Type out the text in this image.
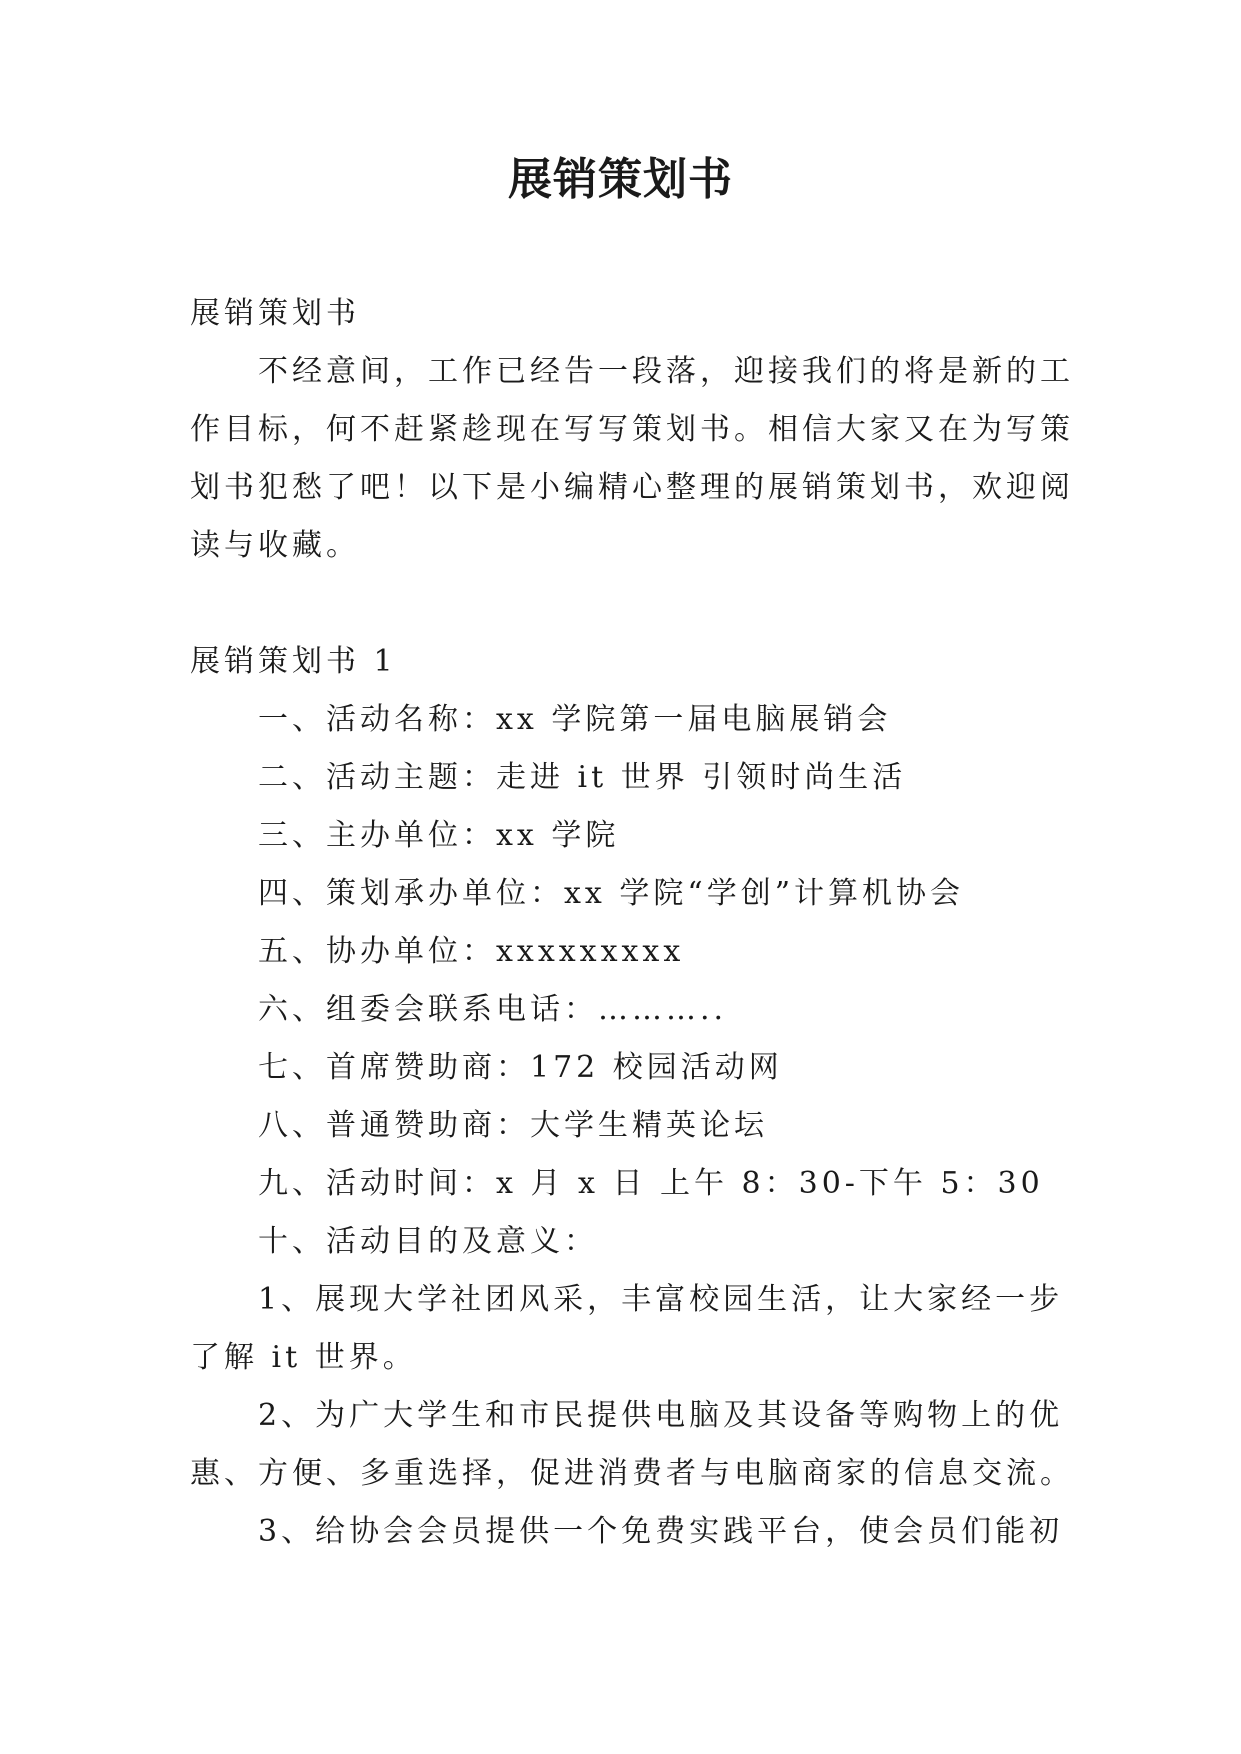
展销策划书

展销策划书

不经意间，工作已经告一段落，迎接我们的将是新的工

作目标，何不赶紧趁现在写写策划书。相信大家又在为写策

划书犯愁了吧！以下是小编精心整理的展销策划书，欢迎阅

读与收藏。

展销策划书 1

一、活动名称：xx 学院第一届电脑展销会

二、活动主题：走进 it 世界 引领时尚生活

三、主办单位：xx 学院

四、策划承办单位：xx 学院“学创”计算机协会

五、协办单位：xxxxxxxxx

六、组委会联系电话：………..

七、首席赞助商：172 校园活动网

八、普通赞助商：大学生精英论坛

九、活动时间：x 月 x 日 上午 8：30-下午 5：30

十、活动目的及意义：

1、展现大学社团风采，丰富校园生活，让大家经一步

了解 it 世界。

2、为广大学生和市民提供电脑及其设备等购物上的优

惠、方便、多重选择，促进消费者与电脑商家的信息交流。

3、给协会会员提供一个免费实践平台，使会员们能初
